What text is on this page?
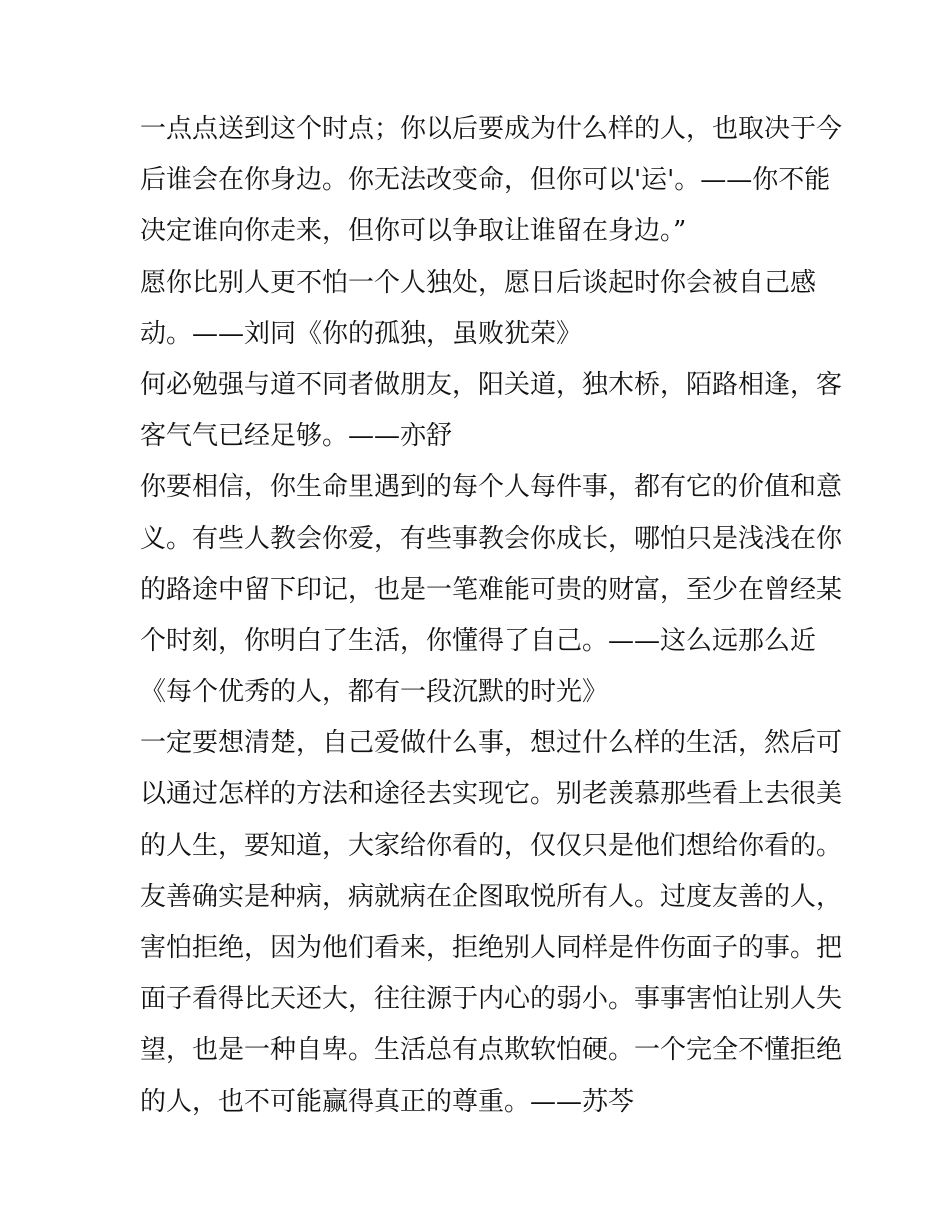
一点点送到这个时点；你以后要成为什么样的人，也取决于今
后谁会在你身边。你无法改变命，但你可以'运'。——你不能
决定谁向你走来，但你可以争取让谁留在身边。”
愿你比别人更不怕一个人独处，愿日后谈起时你会被自己感
动。——刘同《你的孤独，虽败犹荣》
何必勉强与道不同者做朋友，阳关道，独木桥，陌路相逢，客
客气气已经足够。——亦舒
你要相信，你生命里遇到的每个人每件事，都有它的价值和意
义。有些人教会你爱，有些事教会你成长，哪怕只是浅浅在你
的路途中留下印记，也是一笔难能可贵的财富，至少在曾经某
个时刻，你明白了生活，你懂得了自己。——这么远那么近
《每个优秀的人，都有一段沉默的时光》
一定要想清楚，自己爱做什么事，想过什么样的生活，然后可
以通过怎样的方法和途径去实现它。别老羡慕那些看上去很美
的人生，要知道，大家给你看的，仅仅只是他们想给你看的。
友善确实是种病，病就病在企图取悦所有人。过度友善的人，
害怕拒绝，因为他们看来，拒绝别人同样是件伤面子的事。把
面子看得比天还大，往往源于内心的弱小。事事害怕让别人失
望，也是一种自卑。生活总有点欺软怕硬。一个完全不懂拒绝
的人，也不可能赢得真正的尊重。——苏芩
